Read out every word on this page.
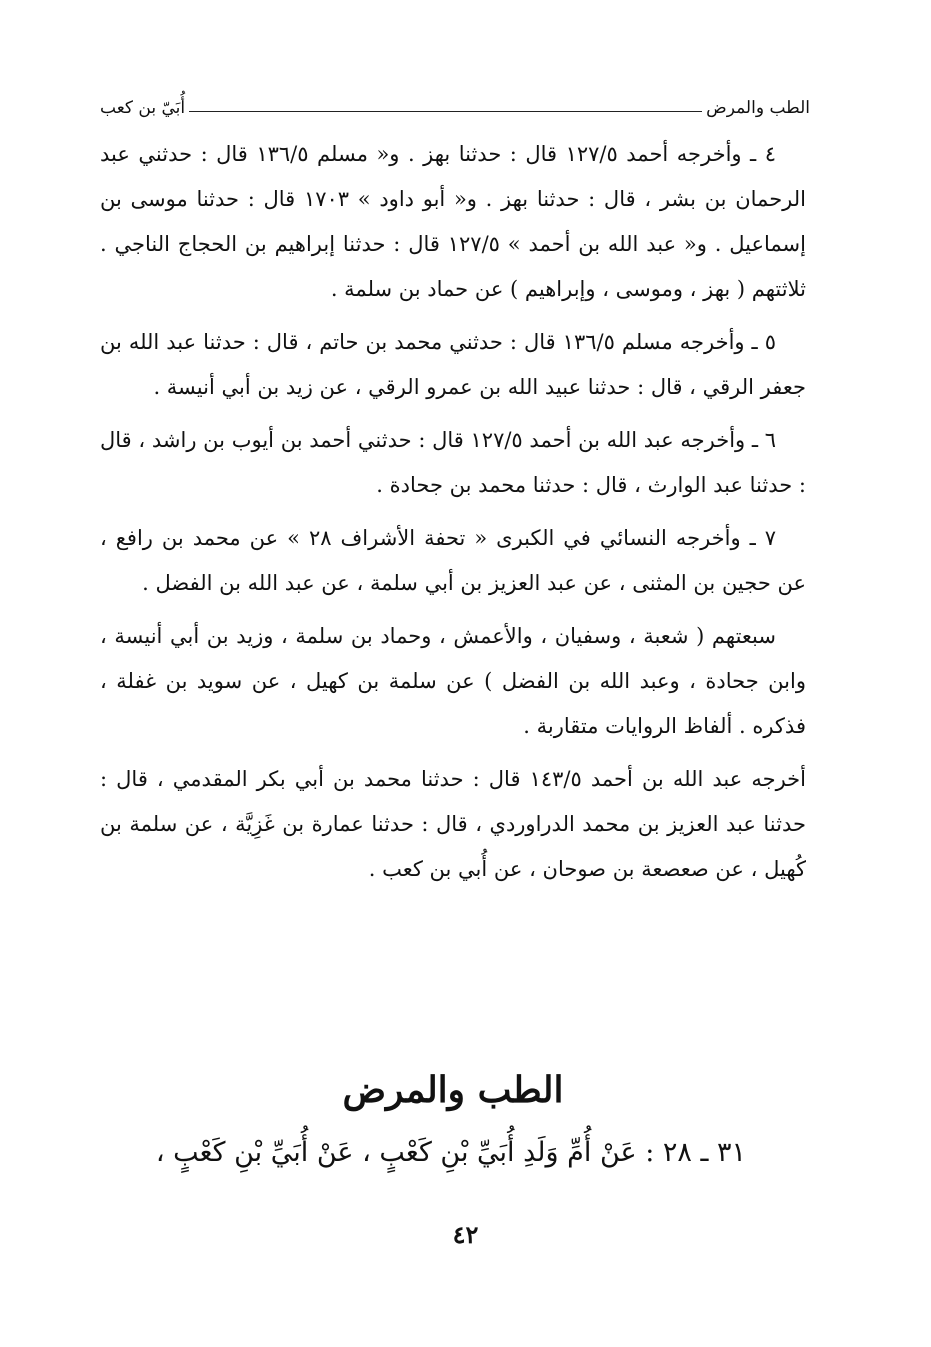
الطب والمرض
أُبَيّ بن كعب

٤ ـ وأخرجه أحمد ١٢٧/٥ قال : حدثنا بهز . و« مسلم ١٣٦/٥ قال : حدثني عبد الرحمان بن بشر ، قال : حدثنا بهز . و« أبو داود » ١٧٠٣ قال : حدثنا موسى بن إسماعيل . و« عبد الله بن أحمد » ١٢٧/٥ قال : حدثنا إبراهيم بن الحجاج الناجي . ثلاثتهم ( بهز ، وموسى ، وإبراهيم ) عن حماد بن سلمة .

٥ ـ وأخرجه مسلم ١٣٦/٥ قال : حدثني محمد بن حاتم ، قال : حدثنا عبد الله بن جعفر الرقي ، قال : حدثنا عبيد الله بن عمرو الرقي ، عن زيد بن أبي أنيسة .

٦ ـ وأخرجه عبد الله بن أحمد ١٢٧/٥ قال : حدثني أحمد بن أيوب بن راشد ، قال : حدثنا عبد الوارث ، قال : حدثنا محمد بن جحادة .

٧ ـ وأخرجه النسائي في الكبرى « تحفة الأشراف ٢٨ » عن محمد بن رافع ، عن حجين بن المثنى ، عن عبد العزيز بن أبي سلمة ، عن عبد الله بن الفضل .

سبعتهم ( شعبة ، وسفيان ، والأعمش ، وحماد بن سلمة ، وزيد بن أبي أنيسة ، وابن جحادة ، وعبد الله بن الفضل ) عن سلمة بن كهيل ، عن سويد بن غفلة ، فذكره . ألفاظ الروايات متقاربة .

أخرجه عبد الله بن أحمد ١٤٣/٥ قال : حدثنا محمد بن أبي بكر المقدمي ، قال : حدثنا عبد العزيز بن محمد الدراوردي ، قال : حدثنا عمارة بن غَزِيَّة ، عن سلمة بن كُهيل ، عن صعصعة بن صوحان ، عن أُبي بن كعب .

الطب والمرض
٣١ ـ ٢٨ : عَنْ أُمِّ وَلَدِ أُبَيِّ بْنِ كَعْبٍ ، عَنْ أُبَيِّ بْنِ كَعْبٍ ،
٤٢
